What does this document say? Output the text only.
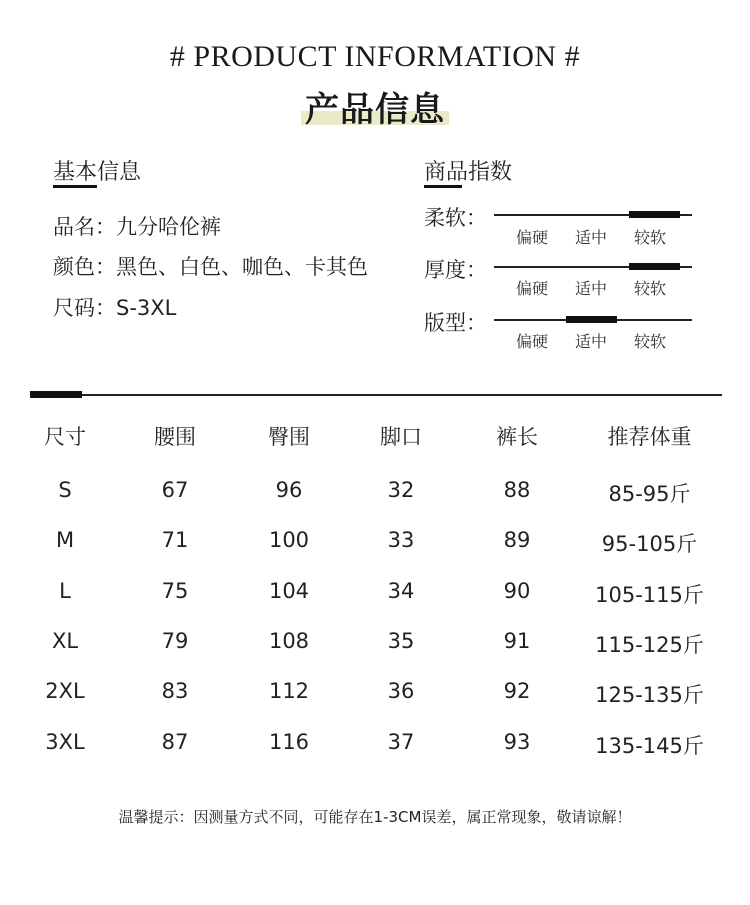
# PRODUCT INFORMATION #
产品信息
基本信息
品名：九分哈伦裤
颜色：黑色、白色、咖色、卡其色
尺码：S-3XL
商品指数
柔软：
偏硬 适中 较软
厚度：
偏硬 适中 较软
版型：
偏硬 适中 较软
尺寸	腰围	臀围	脚口	裤长	推荐体重
S	67	96	32	88	85-95斤
M	71	100	33	89	95-105斤
L	75	104	34	90	105-115斤
XL	79	108	35	91	115-125斤
2XL	83	112	36	92	125-135斤
3XL	87	116	37	93	135-145斤
温馨提示：因测量方式不同，可能存在1-3CM误差，属正常现象，敬请谅解！
